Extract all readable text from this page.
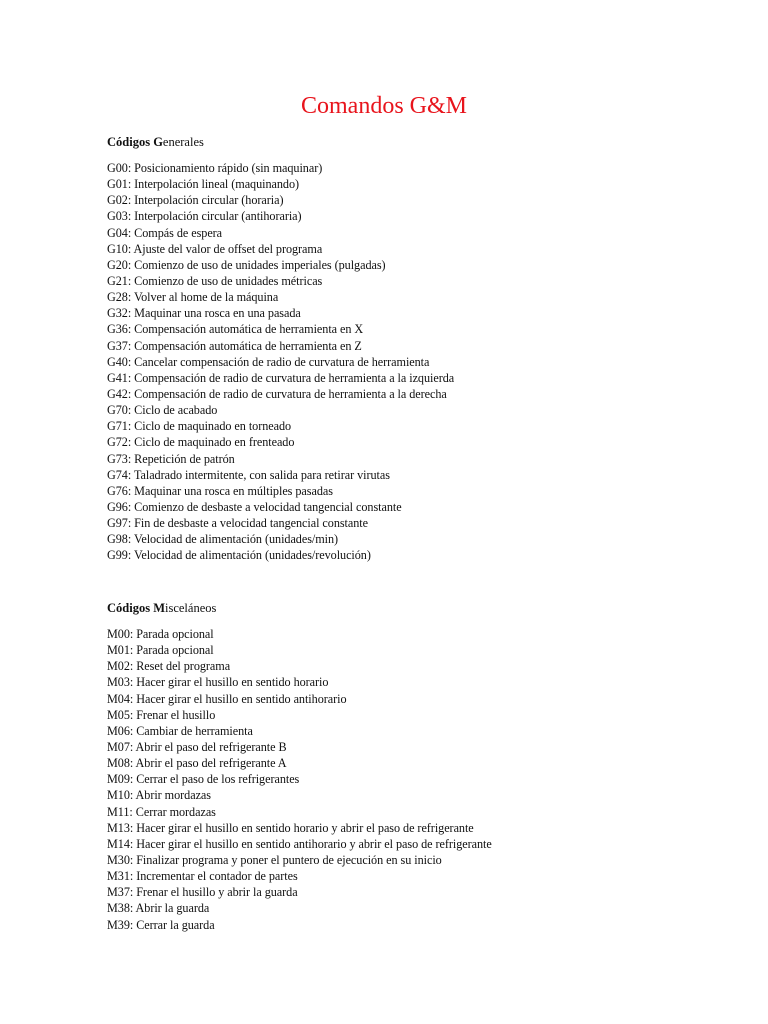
Comandos G&M
Códigos Generales
G00: Posicionamiento rápido (sin maquinar)
G01: Interpolación lineal (maquinando)
G02: Interpolación circular (horaria)
G03: Interpolación circular (antihoraria)
G04: Compás de espera
G10: Ajuste del valor de offset del programa
G20: Comienzo de uso de unidades imperiales (pulgadas)
G21: Comienzo de uso de unidades métricas
G28: Volver al home de la máquina
G32: Maquinar una rosca en una pasada
G36: Compensación automática de herramienta en X
G37: Compensación automática de herramienta en Z
G40: Cancelar compensación de radio de curvatura de herramienta
G41: Compensación de radio de curvatura de herramienta a la izquierda
G42: Compensación de radio de curvatura de herramienta a la derecha
G70: Ciclo de acabado
G71: Ciclo de maquinado en torneado
G72: Ciclo de maquinado en frenteado
G73: Repetición de patrón
G74: Taladrado intermitente, con salida para retirar virutas
G76: Maquinar una rosca en múltiples pasadas
G96: Comienzo de desbaste a velocidad tangencial constante
G97: Fin de desbaste a velocidad tangencial constante
G98: Velocidad de alimentación (unidades/min)
G99: Velocidad de alimentación (unidades/revolución)
Códigos Misceláneos
M00: Parada opcional
M01: Parada opcional
M02: Reset del programa
M03: Hacer girar el husillo en sentido horario
M04: Hacer girar el husillo en sentido antihorario
M05: Frenar el husillo
M06: Cambiar de herramienta
M07: Abrir el paso del refrigerante B
M08: Abrir el paso del refrigerante A
M09: Cerrar el paso de los refrigerantes
M10: Abrir mordazas
M11: Cerrar mordazas
M13: Hacer girar el husillo en sentido horario y abrir el paso de refrigerante
M14: Hacer girar el husillo en sentido antihorario y abrir el paso de refrigerante
M30: Finalizar programa y poner el puntero de ejecución en su inicio
M31: Incrementar el contador de partes
M37: Frenar el husillo y abrir la guarda
M38: Abrir la guarda
M39: Cerrar la guarda
